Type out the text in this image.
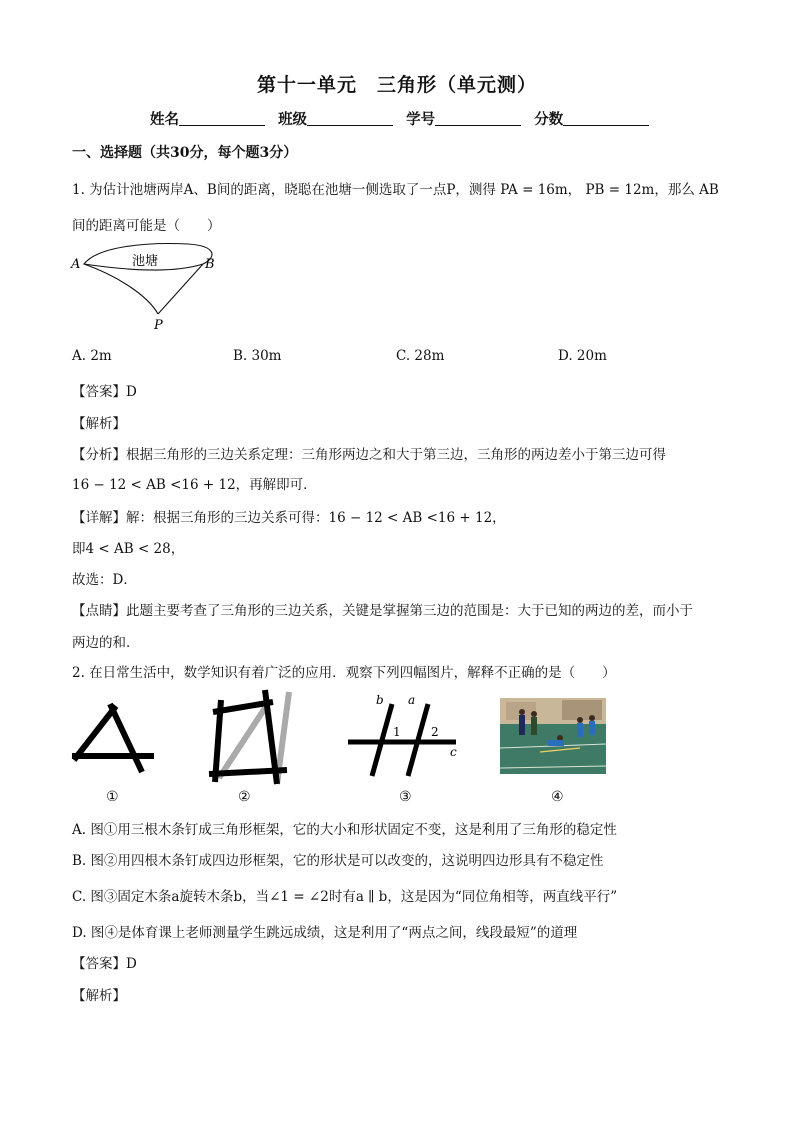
第十一单元　三角形（单元测）
姓名	班级	学号	分数
一、选择题（共30分，每个题3分）
1. 为估计池塘两岸A、B间的距离，晓聪在池塘一侧选取了一点P，测得 PA = 16m， PB = 12m，那么 AB
间的距离可能是（　　）
池塘
A	B
P
A. 2m	B. 30m	C. 28m	D. 20m
【答案】D
【解析】
【分析】根据三角形的三边关系定理：三角形两边之和大于第三边，三角形的两边差小于第三边可得
16 − 12 < AB <16 + 12，再解即可．
【详解】解：根据三角形的三边关系可得：16 − 12 < AB <16 + 12，
即4 < AB < 28，
故选：D．
【点睛】此题主要考查了三角形的三边关系，关键是掌握第三边的范围是：大于已知的两边的差，而小于
两边的和．
2. 在日常生活中，数学知识有着广泛的应用．观察下列四幅图片，解释不正确的是（　　）
①	②
b a
c
1	2
③	④
A. 图①用三根木条钉成三角形框架，它的大小和形状固定不变，这是利用了三角形的稳定性
B. 图②用四根木条钉成四边形框架，它的形状是可以改变的，这说明四边形具有不稳定性
C. 图③固定木条a旋转木条b，当∠1 = ∠2时有a ∥ b，这是因为“同位角相等，两直线平行”
D. 图④是体育课上老师测量学生跳远成绩，这是利用了“两点之间，线段最短”的道理
【答案】D
【解析】
